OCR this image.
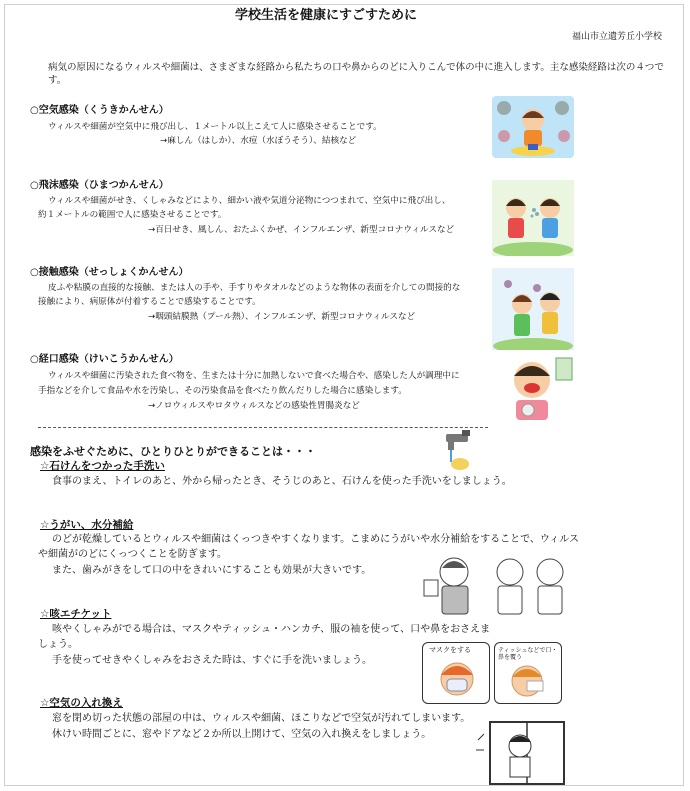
学校生活を健康にすごすために
福山市立遺芳丘小学校
病気の原因になるウィルスや細菌は、さまざまな経路から私たちの口や鼻からのどに入りこんで体の中に進入します。主な感染経路は次の４つです。
○空気感染（くうきかんせん）
ウィルスや細菌が空気中に飛び出し、１メートル以上こえて人に感染させることです。
→麻しん（はしか）、水痘（水ぼうそう）、結核など
○飛沫感染（ひまつかんせん）
ウィルスや細菌がせき、くしゃみなどにより、細かい液や気道分泌物につつまれて、空気中に飛び出し、
約１メートルの範囲で人に感染させることです。
→百日せき、風しん、おたふくかぜ、インフルエンザ、新型コロナウィルスなど
○接触感染（せっしょくかんせん）
皮ふや粘膜の直接的な接触、または人の手や、手すりやタオルなどのような物体の表面を介しての間接的な
接触により、病原体が付着することで感染することです。
→咽頭結膜熱（プール熱）、インフルエンザ、新型コロナウィルスなど
○経口感染（けいこうかんせん）
ウィルスや細菌に汚染された食べ物を、生または十分に加熱しないで食べた場合や、感染した人が調理中に
手指などを介して食品や水を汚染し、その汚染食品を食べたり飲んだりした場合に感染します。
→ノロウィルスやロタウィルスなどの感染性胃腸炎など
感染をふせぐために、ひとりひとりができることは・・・
☆石けんをつかった手洗い
食事のまえ、トイレのあと、外から帰ったとき、そうじのあと、石けんを使った手洗いをしましょう。
☆うがい、水分補給
のどが乾燥しているとウィルスや細菌はくっつきやすくなります。こまめにうがいや水分補給をすることで、ウィルス
や細菌がのどにくっつくことを防ぎます。
また、歯みがきをして口の中をきれいにすることも効果が大きいです。
☆咳エチケット
咳やくしゃみがでる場合は、マスクやティッシュ・ハンカチ、服の袖を使って、口や鼻をおさえま
しょう。
手を使ってせきやくしゃみをおさえた時は、すぐに手を洗いましょう。
☆空気の入れ換え
窓を閉め切った状態の部屋の中は、ウィルスや細菌、ほこりなどで空気が汚れてしまいます。
休けい時間ごとに、窓やドアなど２か所以上開けて、空気の入れ換えをしましょう。
マスクをする	ティッシュなどで口・鼻を覆う
